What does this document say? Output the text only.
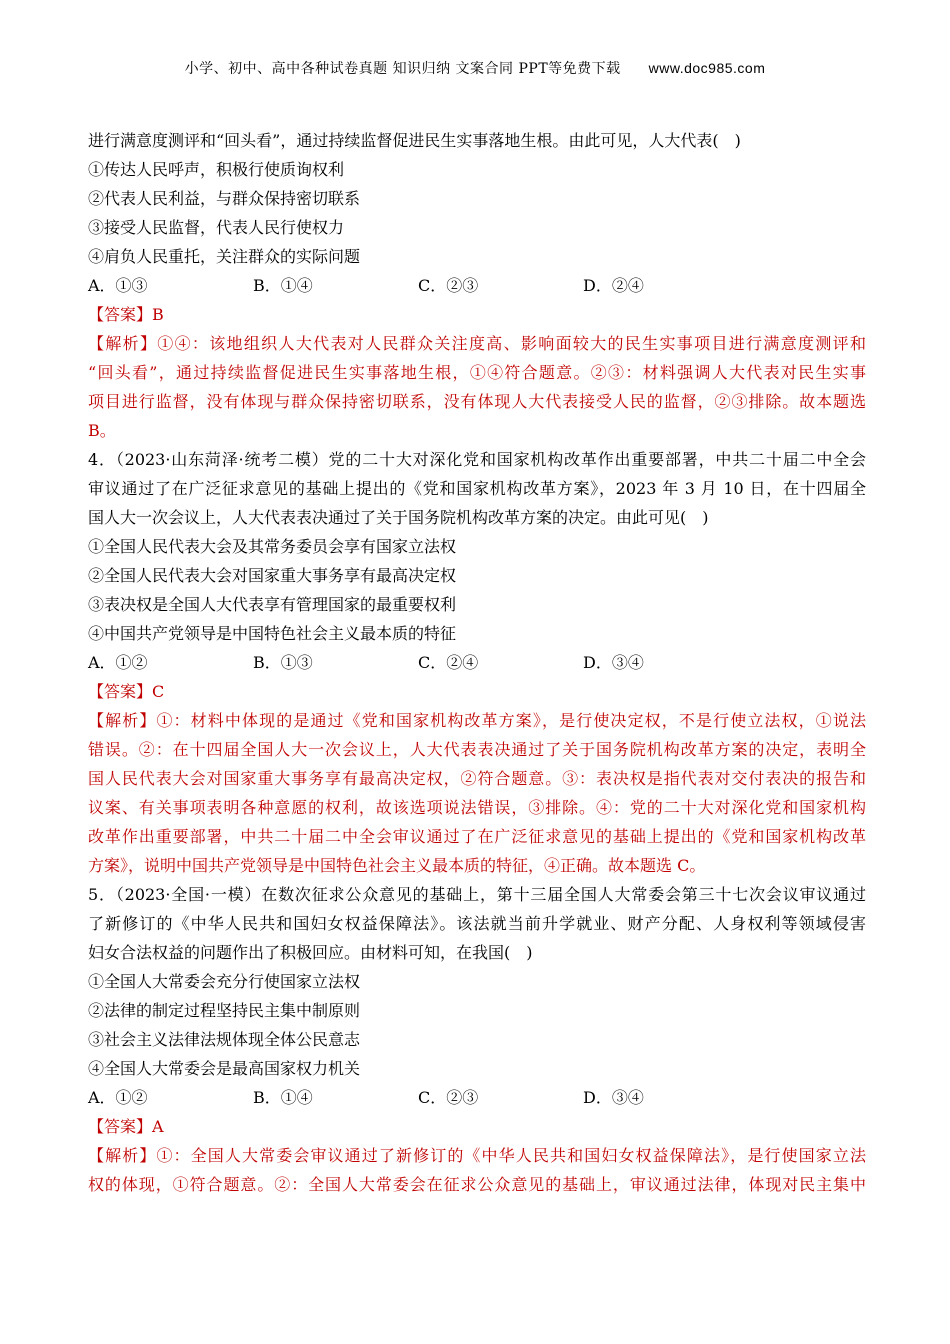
小学、初中、高中各种试卷真题 知识归纳 文案合同 PPT等免费下载 www.doc985.com
进行满意度测评和“回头看”，通过持续监督促进民生实事落地生根。由此可见，人大代表(　)
①传达人民呼声，积极行使质询权利
②代表人民利益，与群众保持密切联系
③接受人民监督，代表人民行使权力
④肩负人民重托，关注群众的实际问题
A．①③	B．①④	C．②③	D．②④
【答案】B
【解析】①④：该地组织人大代表对人民群众关注度高、影响面较大的民生实事项目进行满意度测评和
“回头看”，通过持续监督促进民生实事落地生根，①④符合题意。②③：材料强调人大代表对民生实事
项目进行监督，没有体现与群众保持密切联系，没有体现人大代表接受人民的监督，②③排除。故本题选
B。
4．（2023·山东菏泽·统考二模）党的二十大对深化党和国家机构改革作出重要部署，中共二十届二中全会
审议通过了在广泛征求意见的基础上提出的《党和国家机构改革方案》，2023 年 3 月 10 日，在十四届全
国人大一次会议上，人大代表表决通过了关于国务院机构改革方案的决定。由此可见(　)
①全国人民代表大会及其常务委员会享有国家立法权
②全国人民代表大会对国家重大事务享有最高决定权
③表决权是全国人大代表享有管理国家的最重要权利
④中国共产党领导是中国特色社会主义最本质的特征
A．①②	B．①③	C．②④	D．③④
【答案】C
【解析】①：材料中体现的是通过《党和国家机构改革方案》，是行使决定权，不是行使立法权，①说法
错误。②：在十四届全国人大一次会议上，人大代表表决通过了关于国务院机构改革方案的决定，表明全
国人民代表大会对国家重大事务享有最高决定权，②符合题意。③：表决权是指代表对交付表决的报告和
议案、有关事项表明各种意愿的权利，故该选项说法错误，③排除。④：党的二十大对深化党和国家机构
改革作出重要部署，中共二十届二中全会审议通过了在广泛征求意见的基础上提出的《党和国家机构改革
方案》，说明中国共产党领导是中国特色社会主义最本质的特征，④正确。故本题选 C。
5．（2023·全国·一模）在数次征求公众意见的基础上，第十三届全国人大常委会第三十七次会议审议通过
了新修订的《中华人民共和国妇女权益保障法》。该法就当前升学就业、财产分配、人身权利等领域侵害
妇女合法权益的问题作出了积极回应。由材料可知，在我国(　)
①全国人大常委会充分行使国家立法权
②法律的制定过程坚持民主集中制原则
③社会主义法律法规体现全体公民意志
④全国人大常委会是最高国家权力机关
A．①②	B．①④	C．②③	D．③④
【答案】A
【解析】①：全国人大常委会审议通过了新修订的《中华人民共和国妇女权益保障法》，是行使国家立法
权的体现，①符合题意。②：全国人大常委会在征求公众意见的基础上，审议通过法律，体现对民主集中
